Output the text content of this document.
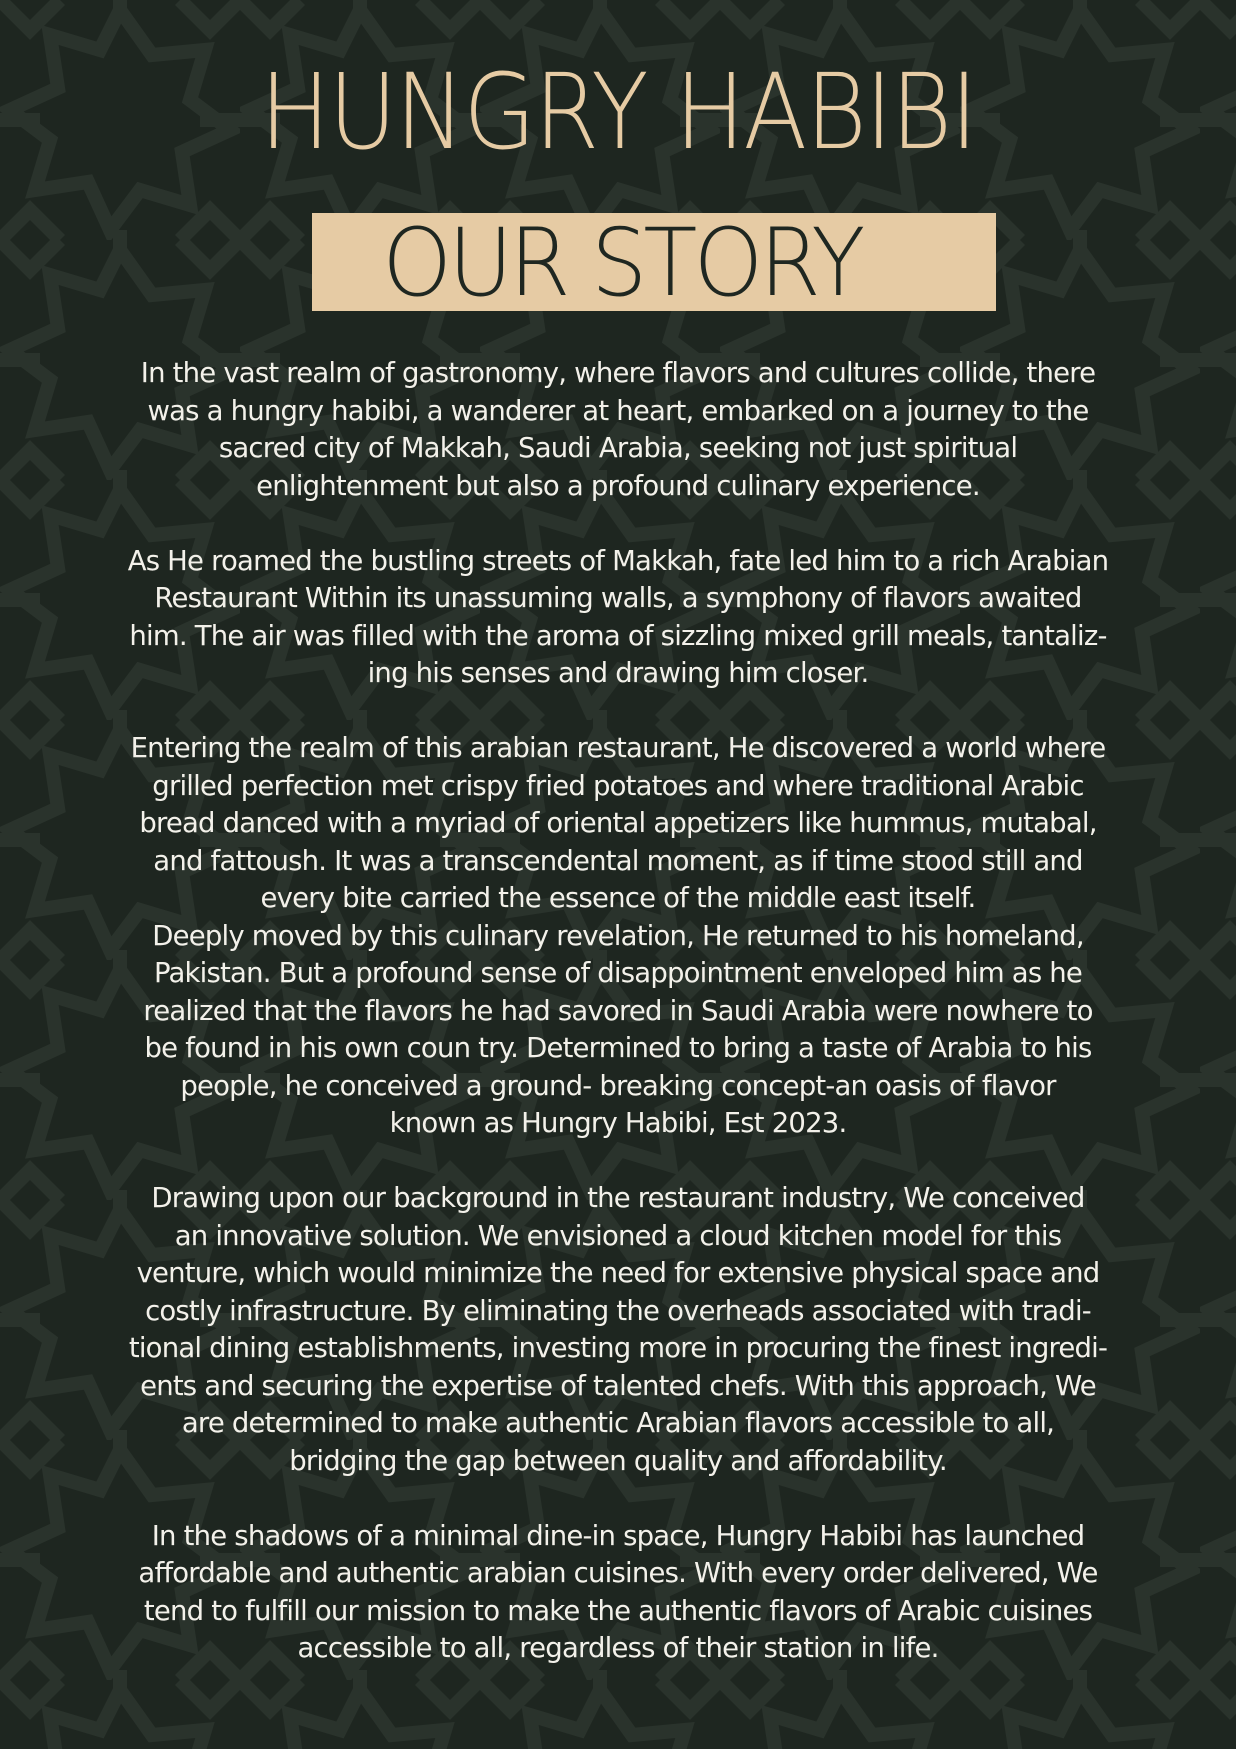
HUNGRY HABIBI
OUR STORY

In the vast realm of gastronomy, where flavors and cultures collide, there
was a hungry habibi, a wanderer at heart, embarked on a journey to the
sacred city of Makkah, Saudi Arabia, seeking not just spiritual
enlightenment but also a profound culinary experience.

As He roamed the bustling streets of Makkah, fate led him to a rich Arabian
Restaurant Within its unassuming walls, a symphony of flavors awaited
him. The air was filled with the aroma of sizzling mixed grill meals, tantaliz-
ing his senses and drawing him closer.

Entering the realm of this arabian restaurant, He discovered a world where
grilled perfection met crispy fried potatoes and where traditional Arabic
bread danced with a myriad of oriental appetizers like hummus, mutabal,
and fattoush. It was a transcendental moment, as if time stood still and
every bite carried the essence of the middle east itself.

Deeply moved by this culinary revelation, He returned to his homeland,
Pakistan. But a profound sense of disappointment enveloped him as he
realized that the flavors he had savored in Saudi Arabia were nowhere to
be found in his own coun try. Determined to bring a taste of Arabia to his
people, he conceived a ground- breaking concept-an oasis of flavor
known as Hungry Habibi, Est 2023.

Drawing upon our background in the restaurant industry, We conceived
an innovative solution. We envisioned a cloud kitchen model for this
venture, which would minimize the need for extensive physical space and
costly infrastructure. By eliminating the overheads associated with tradi-
tional dining establishments, investing more in procuring the finest ingredi-
ents and securing the expertise of talented chefs. With this approach, We
are determined to make authentic Arabian flavors accessible to all,
bridging the gap between quality and affordability.

In the shadows of a minimal dine-in space, Hungry Habibi has launched
affordable and authentic arabian cuisines. With every order delivered, We
tend to fulfill our mission to make the authentic flavors of Arabic cuisines
accessible to all, regardless of their station in life.
